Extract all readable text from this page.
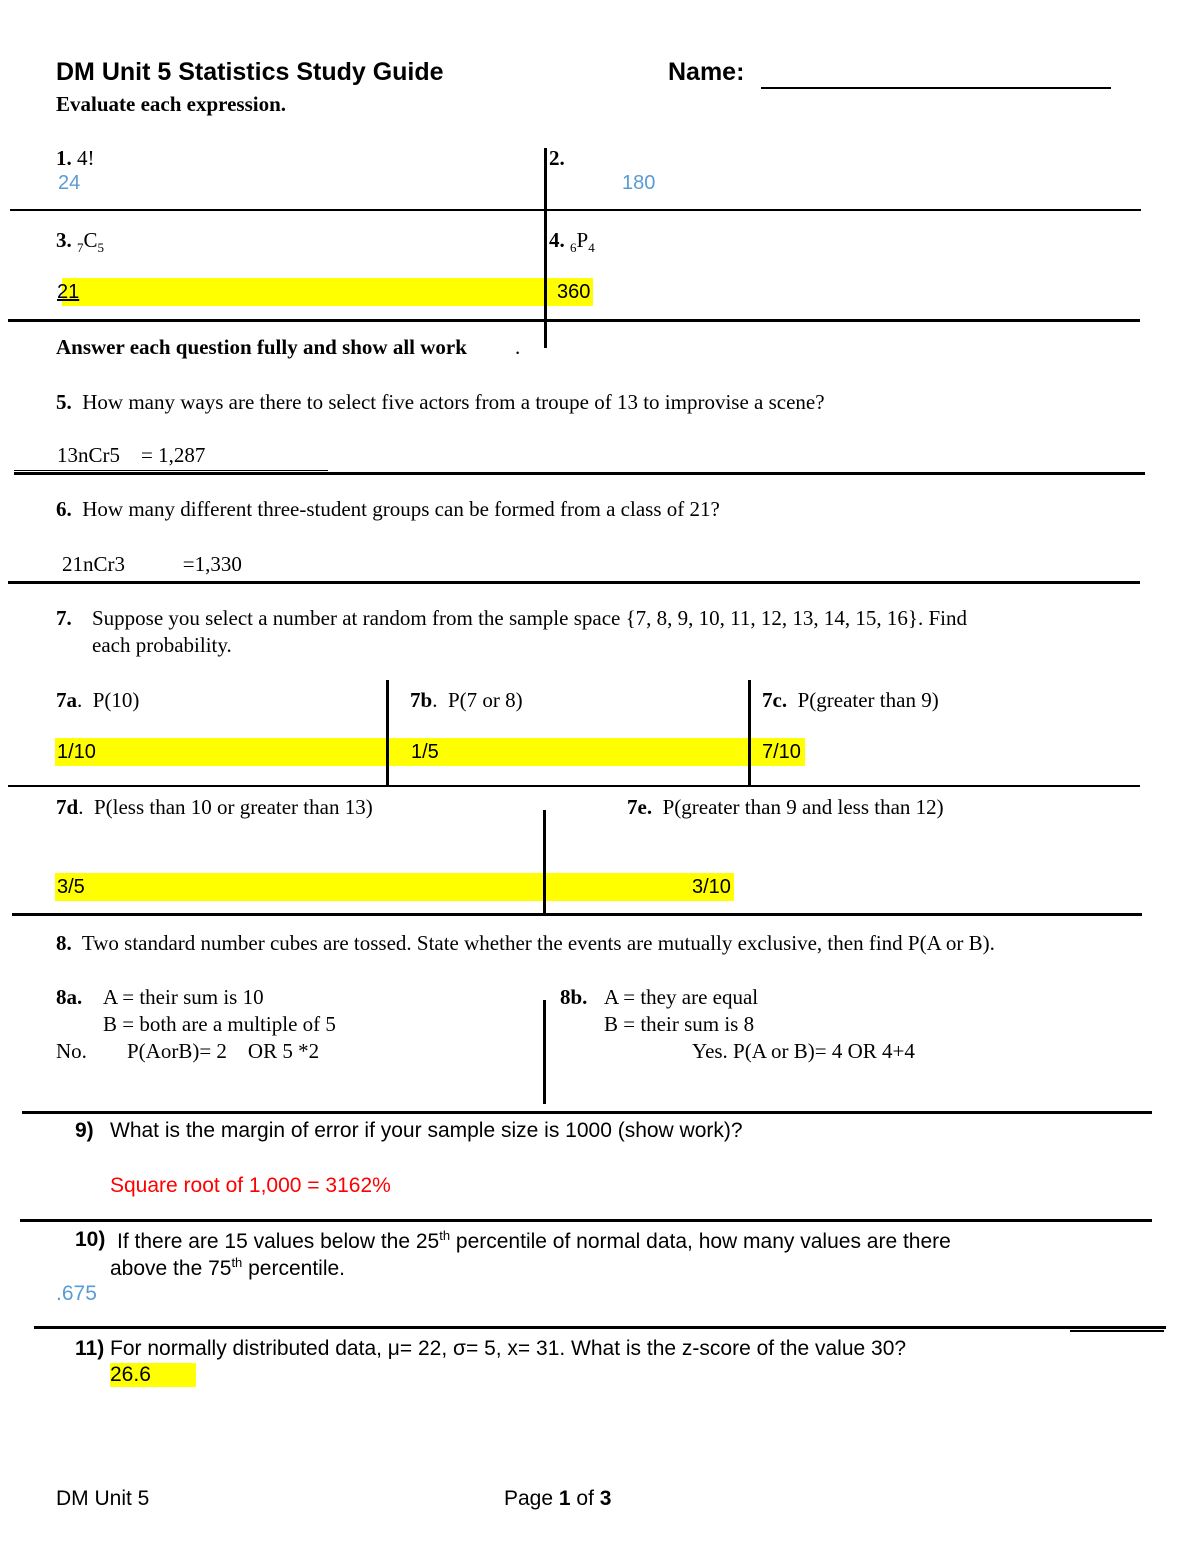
DM Unit 5 Statistics Study Guide	Name:
Evaluate each expression.
1. 4!
24
2.
180
3. $_7C_5$	4. $_6P_4$
21	360
Answer each question fully and show all work .
5. How many ways are there to select five actors from a troupe of 13 to improvise a scene?
13nCr5    = 1,287
6. How many different three-student groups can be formed from a class of 21?
21nCr3           =1,330
7. Suppose you select a number at random from the sample space {7, 8, 9, 10, 11, 12, 13, 14, 15, 16}. Find
each probability.
7a.  P(10)	7b.  P(7 or 8)	7c. P(greater than 9)
1/10	1/5	7/10
7d.  P(less than 10 or greater than 13)	7e. P(greater than 9 and less than 12)
3/5	3/10
8. Two standard number cubes are tossed. State whether the events are mutually exclusive, then find P(A or B).
8a. A = their sum is 10
B = both are a multiple of 5
No. P(AorB)= 2    OR 5 *2
8b. A = they are equal
B = their sum is 8
Yes. P(A or B)= 4 OR 4+4
9) What is the margin of error if your sample size is 1000 (show work)?
Square root of 1,000 = 3162%
10) If there are 15 values below the 25th percentile of normal data, how many values are there
above the 75th percentile.
.675
11) For normally distributed data, μ= 22, σ= 5, x= 31. What is the z-score of the value 30?
26.6
DM Unit 5	Page 1 of 3
